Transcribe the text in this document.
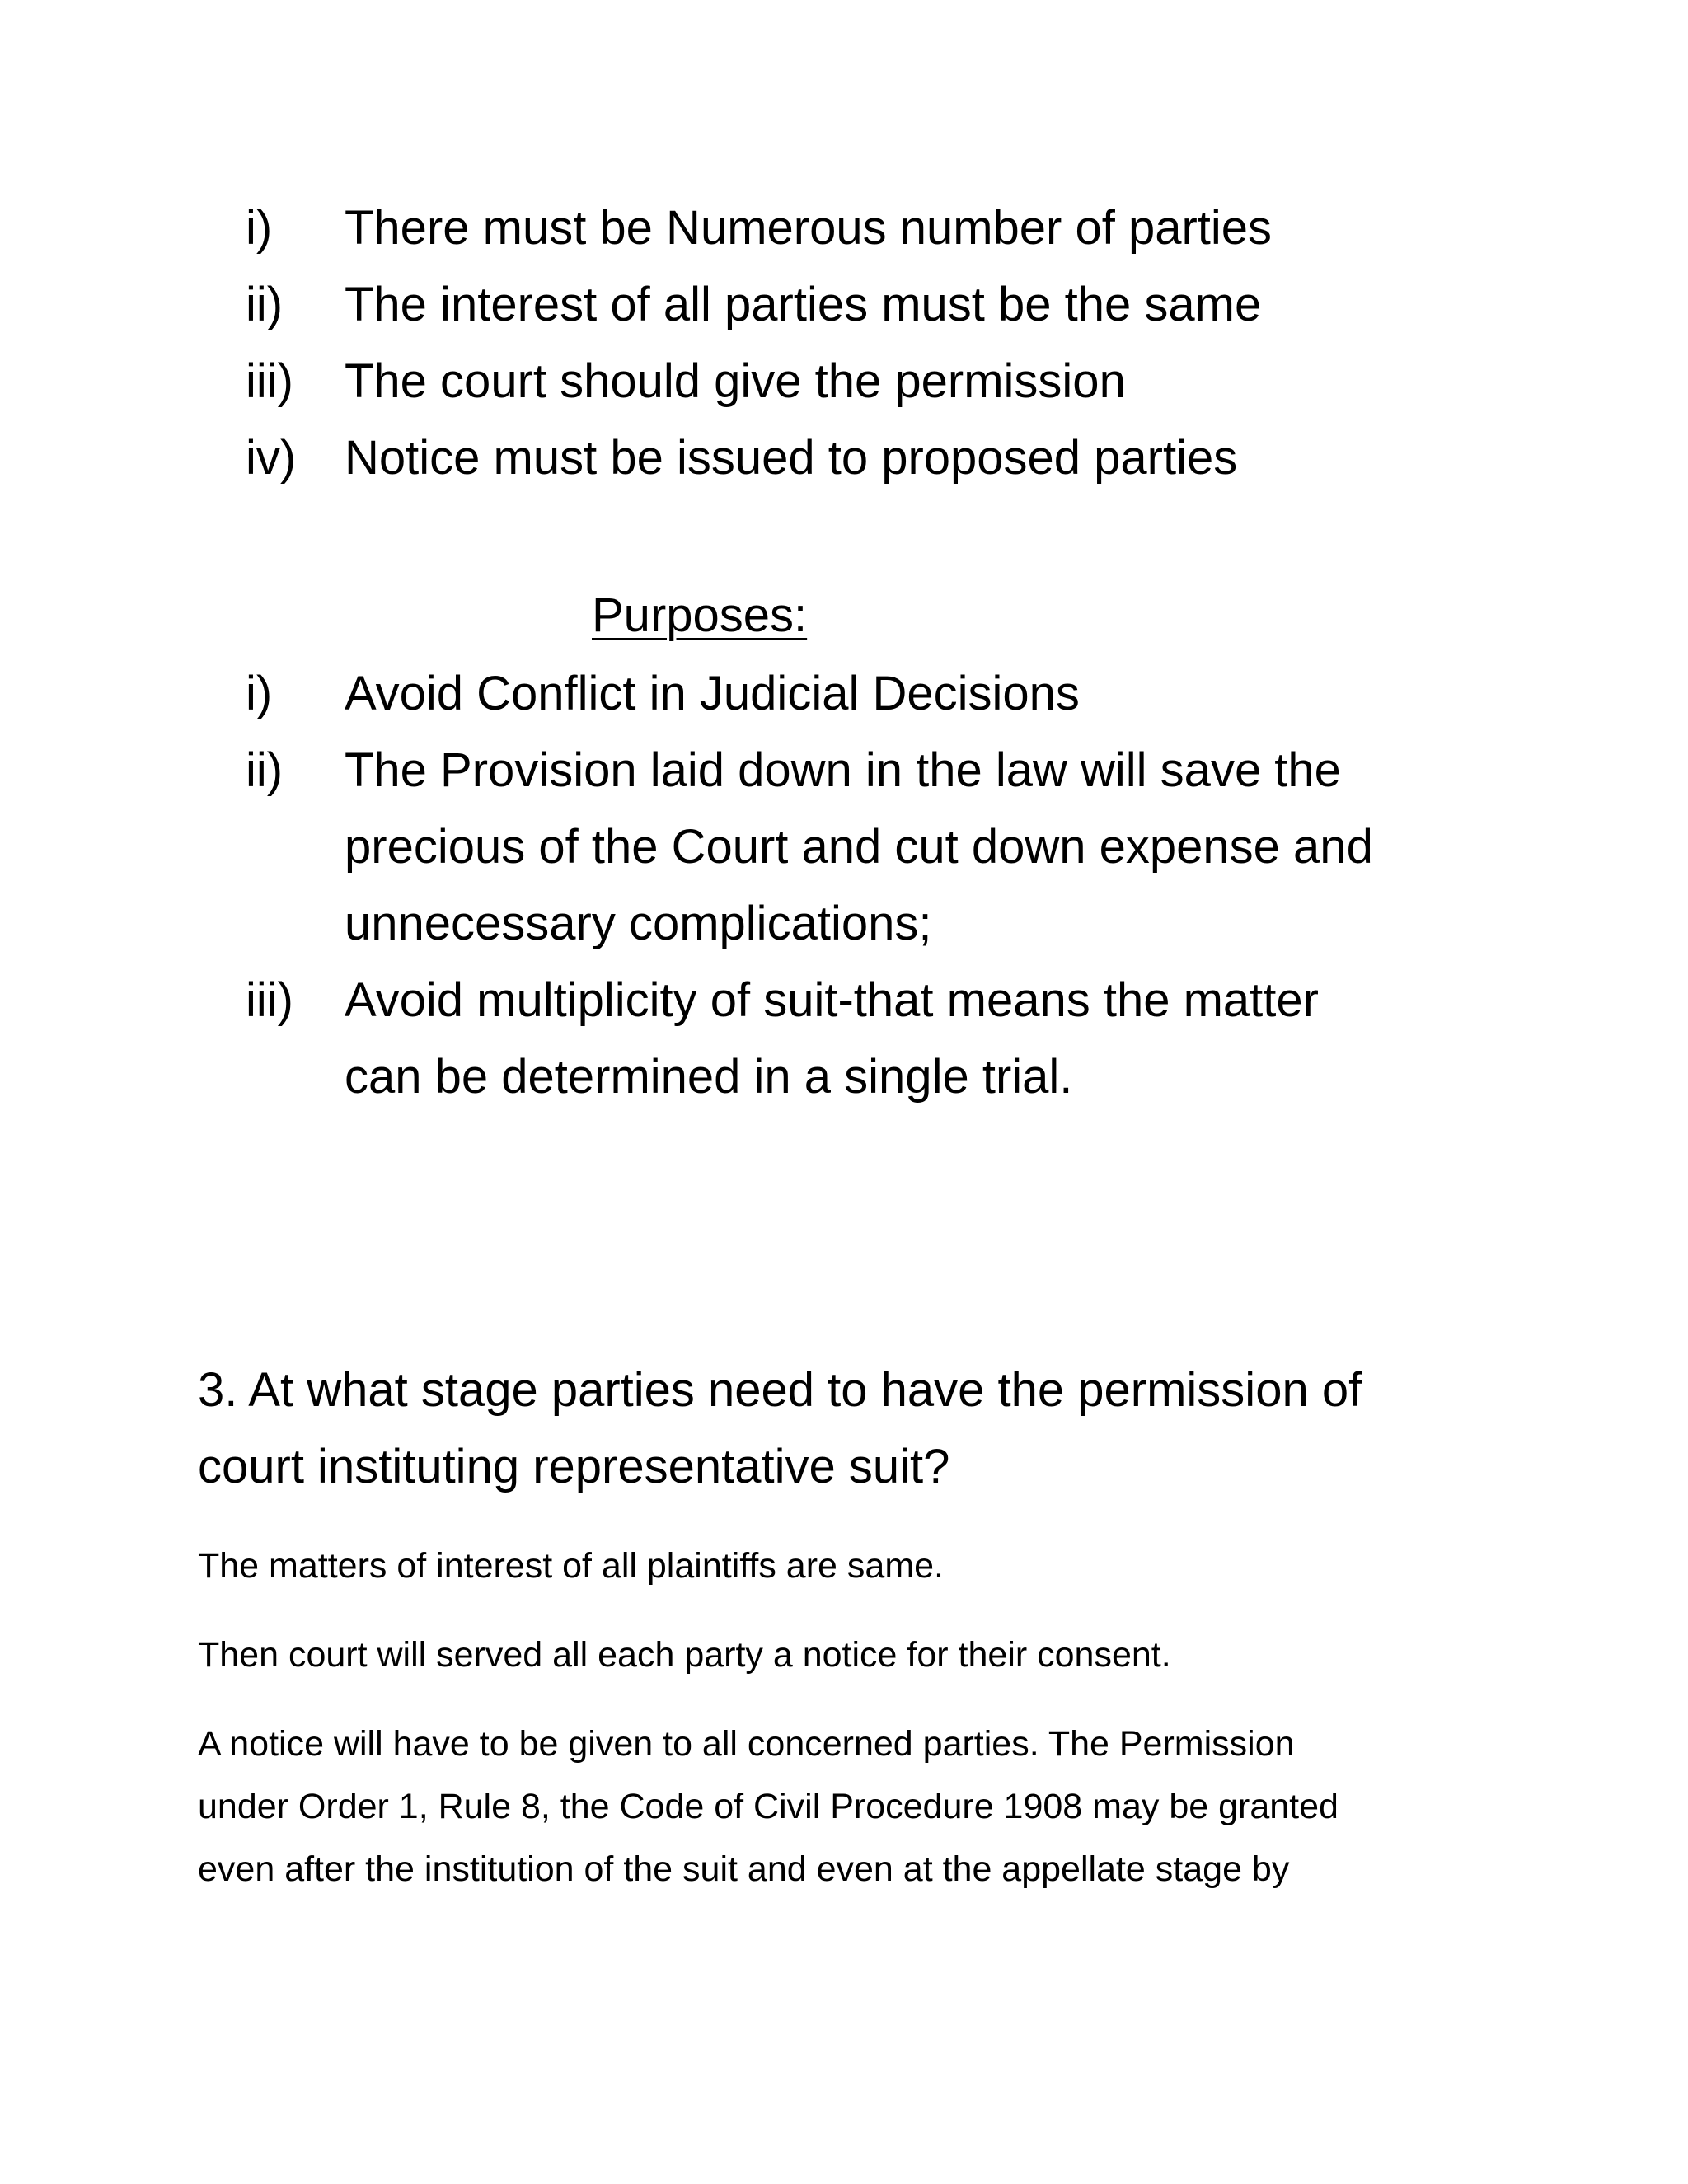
i) There must be Numerous number of parties
ii) The interest of all parties must be the same
iii) The court should give the permission
iv) Notice must be issued to proposed parties
Purposes:
i) Avoid Conflict in Judicial Decisions
ii) The Provision laid down in the law will save the
precious of the Court and cut down expense and
unnecessary complications;
iii) Avoid multiplicity of suit-that means the matter
can be determined in a single trial.
3. At what stage parties need to have the permission of
court instituting representative suit?
The matters of interest of all plaintiffs are same.
Then court will served all each party a notice for their consent.
A notice will have to be given to all concerned parties. The Permission
under Order 1, Rule 8, the Code of Civil Procedure 1908 may be granted
even after the institution of the suit and even at the appellate stage by
